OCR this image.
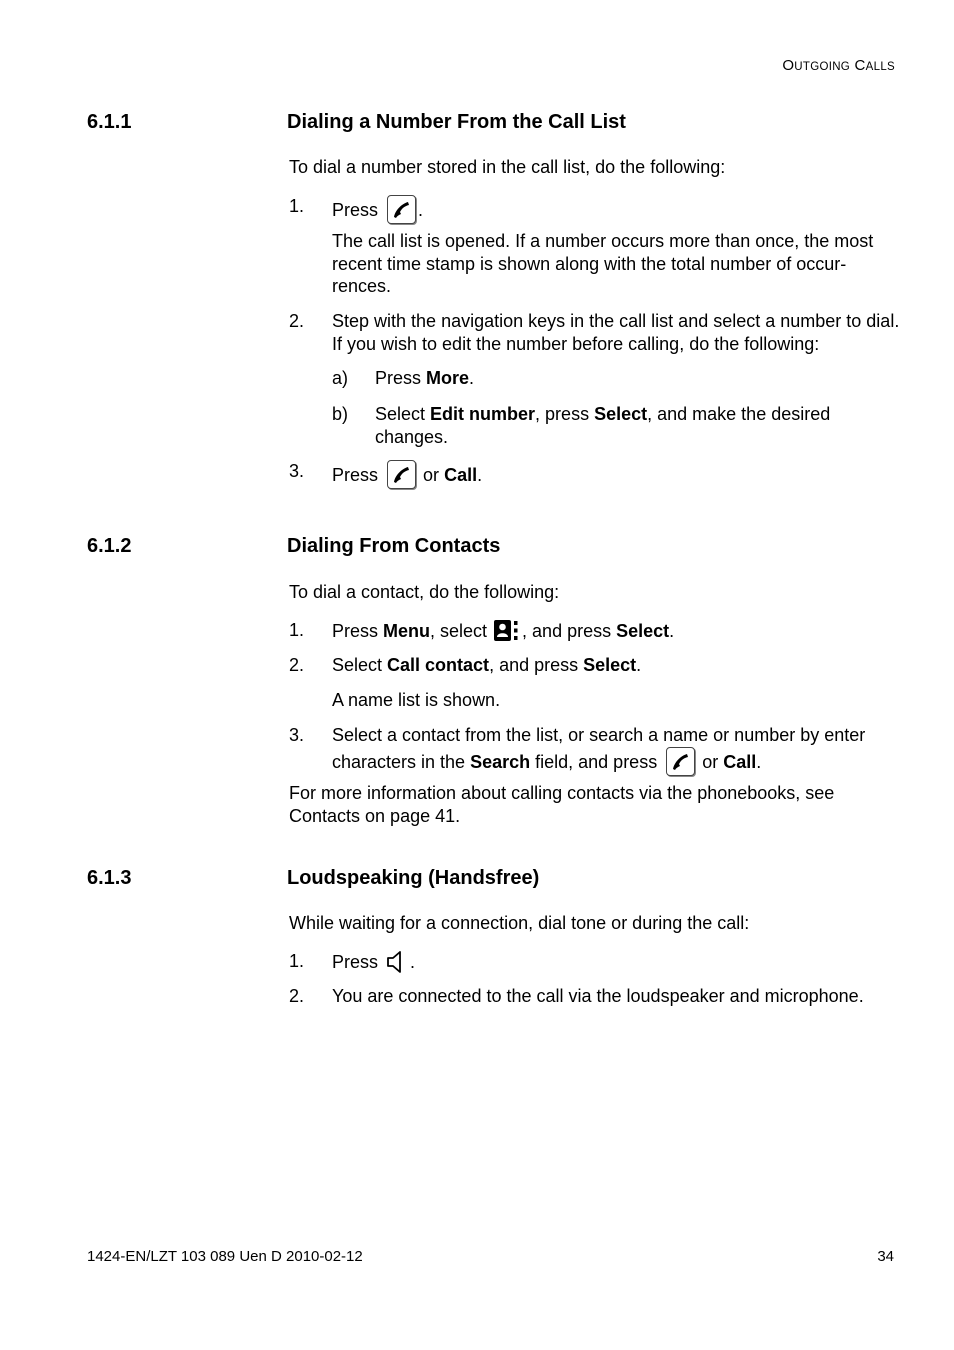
OUTGOING CALLS
6.1.1	Dialing a Number From the Call List
To dial a number stored in the call list, do the following:
1. Press .
The call list is opened. If a number occurs more than once, the most recent time stamp is shown along with the total number of occur-rences.
2. Step with the navigation keys in the call list and select a number to dial. If you wish to edit the number before calling, do the following:
a) Press More.
b) Select Edit number, press Select, and make the desired changes.
3. Press	or Call.
6.1.2	Dialing From Contacts
To dial a contact, do the following:
1. Press Menu, select , and press Select.
2. Select Call contact, and press Select.
A name list is shown.
3. Select a contact from the list, or search a name or number by enter
characters in the Search field, and press	or Call.
For more information about calling contacts via the phonebooks, see
Contacts on page 41.
6.1.3	Loudspeaking (Handsfree)
While waiting for a connection, dial tone or during the call:
1. Press .
2. You are connected to the call via the loudspeaker and microphone.
1424-EN/LZT 103 089 Uen D 2010-02-12	34
